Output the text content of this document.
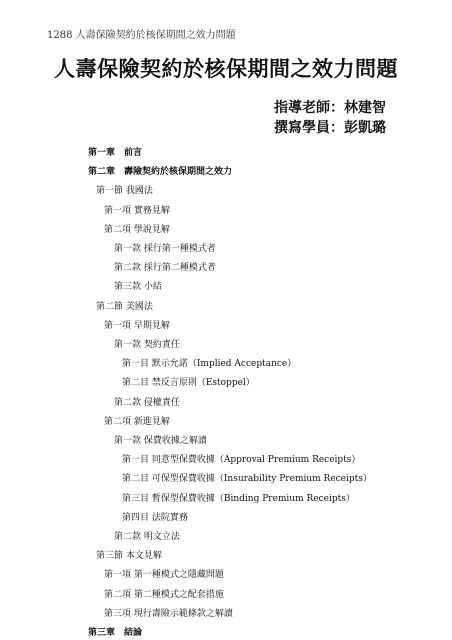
1288 人壽保險契約於核保期間之效力問題
人壽保險契約於核保期間之效力問題
指導老師：林建智
撰寫學員：彭凱璐
第一章　前言
第二章　壽險契約於核保期間之效力
第一節 我國法
第一項 實務見解
第二項 學說見解
第一款 採行第一種模式者
第二款 採行第二種模式者
第三款 小結
第二節 美國法
第一項 早期見解
第一款 契約責任
第一目 默示允諾（Implied Acceptance）
第二目 禁反言原則（Estoppel）
第二款 侵權責任
第二項 新進見解
第一款 保費收據之解讀
第一目 同意型保費收據（Approval Premium Receipts）
第二目 可保型保費收據（Insurability Premium Receipts）
第三目 暫保型保費收據（Binding Premium Receipts）
第四目 法院實務
第二款 明文立法
第三節 本文見解
第一項 第一種模式之隱藏問題
第二項 第二種模式之配套措施
第三項 現行壽險示範條款之解讀
第三章　結論
